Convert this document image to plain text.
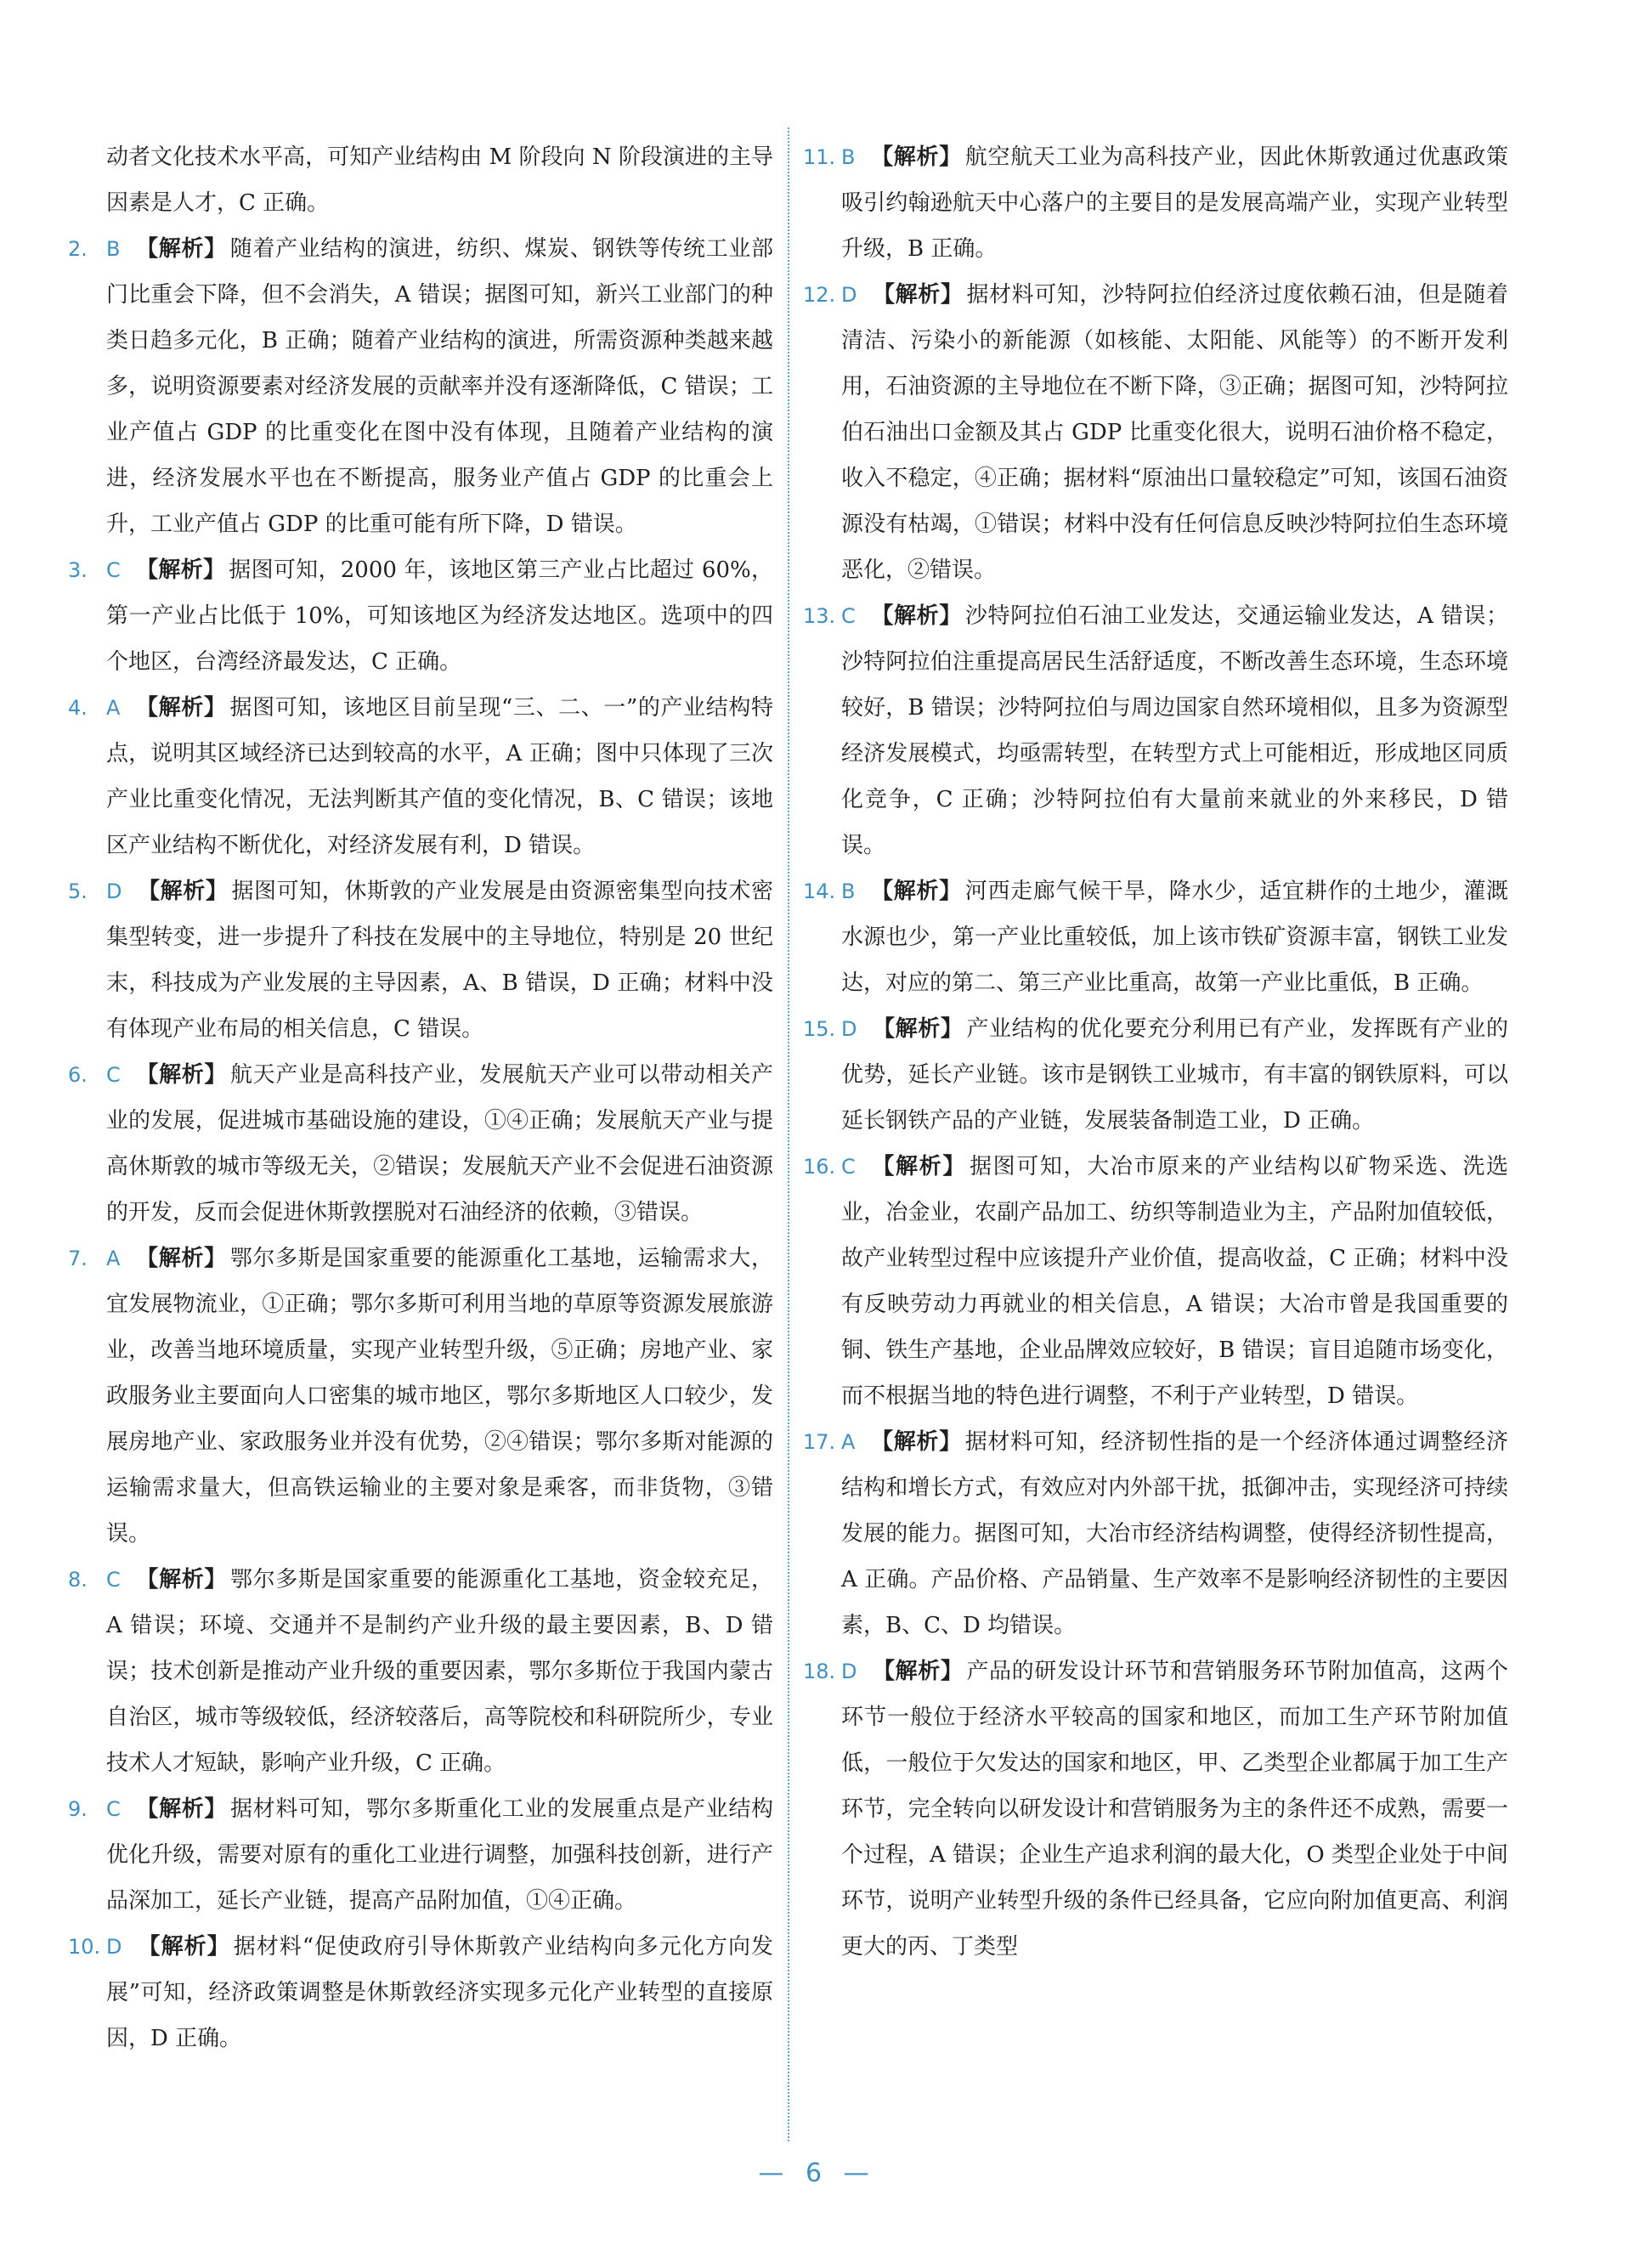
动者文化技术水平高，可知产业结构由 M 阶段向 N 阶段演进的主导因素是人才，C 正确。
2. B 【解析】 随着产业结构的演进，纺织、煤炭、钢铁等传统工业部门比重会下降，但不会消失，A 错误；据图可知，新兴工业部门的种类日趋多元化，B 正确；随着产业结构的演进，所需资源种类越来越多，说明资源要素对经济发展的贡献率并没有逐渐降低，C 错误；工业产值占 GDP 的比重变化在图中没有体现，且随着产业结构的演进，经济发展水平也在不断提高，服务业产值占 GDP 的比重会上升，工业产值占 GDP 的比重可能有所下降，D 错误。
3. C 【解析】 据图可知，2000 年，该地区第三产业占比超过 60%，第一产业占比低于 10%，可知该地区为经济发达地区。选项中的四个地区，台湾经济最发达，C 正确。
4. A 【解析】 据图可知，该地区目前呈现“三、二、一”的产业结构特点，说明其区域经济已达到较高的水平，A 正确；图中只体现了三次产业比重变化情况，无法判断其产值的变化情况，B、C 错误；该地区产业结构不断优化，对经济发展有利，D 错误。
5. D 【解析】 据图可知，休斯敦的产业发展是由资源密集型向技术密集型转变，进一步提升了科技在发展中的主导地位，特别是 20 世纪末，科技成为产业发展的主导因素，A、B 错误，D 正确；材料中没有体现产业布局的相关信息，C 错误。
6. C 【解析】 航天产业是高科技产业，发展航天产业可以带动相关产业的发展，促进城市基础设施的建设，①④正确；发展航天产业与提高休斯敦的城市等级无关，②错误；发展航天产业不会促进石油资源的开发，反而会促进休斯敦摆脱对石油经济的依赖，③错误。
7. A 【解析】 鄂尔多斯是国家重要的能源重化工基地，运输需求大，宜发展物流业，①正确；鄂尔多斯可利用当地的草原等资源发展旅游业，改善当地环境质量，实现产业转型升级，⑤正确；房地产业、家政服务业主要面向人口密集的城市地区，鄂尔多斯地区人口较少，发展房地产业、家政服务业并没有优势，②④错误；鄂尔多斯对能源的运输需求量大，但高铁运输业的主要对象是乘客，而非货物，③错误。
8. C 【解析】 鄂尔多斯是国家重要的能源重化工基地，资金较充足，A 错误；环境、交通并不是制约产业升级的最主要因素，B、D 错误；技术创新是推动产业升级的重要因素，鄂尔多斯位于我国内蒙古自治区，城市等级较低，经济较落后，高等院校和科研院所少，专业技术人才短缺，影响产业升级，C 正确。
9. C 【解析】 据材料可知，鄂尔多斯重化工业的发展重点是产业结构优化升级，需要对原有的重化工业进行调整，加强科技创新，进行产品深加工，延长产业链，提高产品附加值，①④正确。
10. D 【解析】 据材料“促使政府引导休斯敦产业结构向多元化方向发展”可知，经济政策调整是休斯敦经济实现多元化产业转型的直接原因，D 正确。
11. B 【解析】 航空航天工业为高科技产业，因此休斯敦通过优惠政策吸引约翰逊航天中心落户的主要目的是发展高端产业，实现产业转型升级，B 正确。
12. D 【解析】 据材料可知，沙特阿拉伯经济过度依赖石油，但是随着清洁、污染小的新能源（如核能、太阳能、风能等）的不断开发利用，石油资源的主导地位在不断下降，③正确；据图可知，沙特阿拉伯石油出口金额及其占 GDP 比重变化很大，说明石油价格不稳定，收入不稳定，④正确；据材料“原油出口量较稳定”可知，该国石油资源没有枯竭，①错误；材料中没有任何信息反映沙特阿拉伯生态环境恶化，②错误。
13. C 【解析】 沙特阿拉伯石油工业发达，交通运输业发达，A 错误；沙特阿拉伯注重提高居民生活舒适度，不断改善生态环境，生态环境较好，B 错误；沙特阿拉伯与周边国家自然环境相似，且多为资源型经济发展模式，均亟需转型，在转型方式上可能相近，形成地区同质化竞争，C 正确；沙特阿拉伯有大量前来就业的外来移民，D 错误。
14. B 【解析】 河西走廊气候干旱，降水少，适宜耕作的土地少，灌溉水源也少，第一产业比重较低，加上该市铁矿资源丰富，钢铁工业发达，对应的第二、第三产业比重高，故第一产业比重低，B 正确。
15. D 【解析】 产业结构的优化要充分利用已有产业，发挥既有产业的优势，延长产业链。该市是钢铁工业城市，有丰富的钢铁原料，可以延长钢铁产品的产业链，发展装备制造工业，D 正确。
16. C 【解析】 据图可知，大冶市原来的产业结构以矿物采选、洗选业，冶金业，农副产品加工、纺织等制造业为主，产品附加值较低，故产业转型过程中应该提升产业价值，提高收益，C 正确；材料中没有反映劳动力再就业的相关信息，A 错误；大冶市曾是我国重要的铜、铁生产基地，企业品牌效应较好，B 错误；盲目追随市场变化，而不根据当地的特色进行调整，不利于产业转型，D 错误。
17. A 【解析】 据材料可知，经济韧性指的是一个经济体通过调整经济结构和增长方式，有效应对内外部干扰，抵御冲击，实现经济可持续发展的能力。据图可知，大冶市经济结构调整，使得经济韧性提高，A 正确。产品价格、产品销量、生产效率不是影响经济韧性的主要因素，B、C、D 均错误。
18. D 【解析】 产品的研发设计环节和营销服务环节附加值高，这两个环节一般位于经济水平较高的国家和地区，而加工生产环节附加值低，一般位于欠发达的国家和地区，甲、乙类型企业都属于加工生产环节，完全转向以研发设计和营销服务为主的条件还不成熟，需要一个过程，A 错误；企业生产追求利润的最大化，O 类型企业处于中间环节，说明产业转型升级的条件已经具备，它应向附加值更高、利润更大的丙、丁类型
— 6 —
